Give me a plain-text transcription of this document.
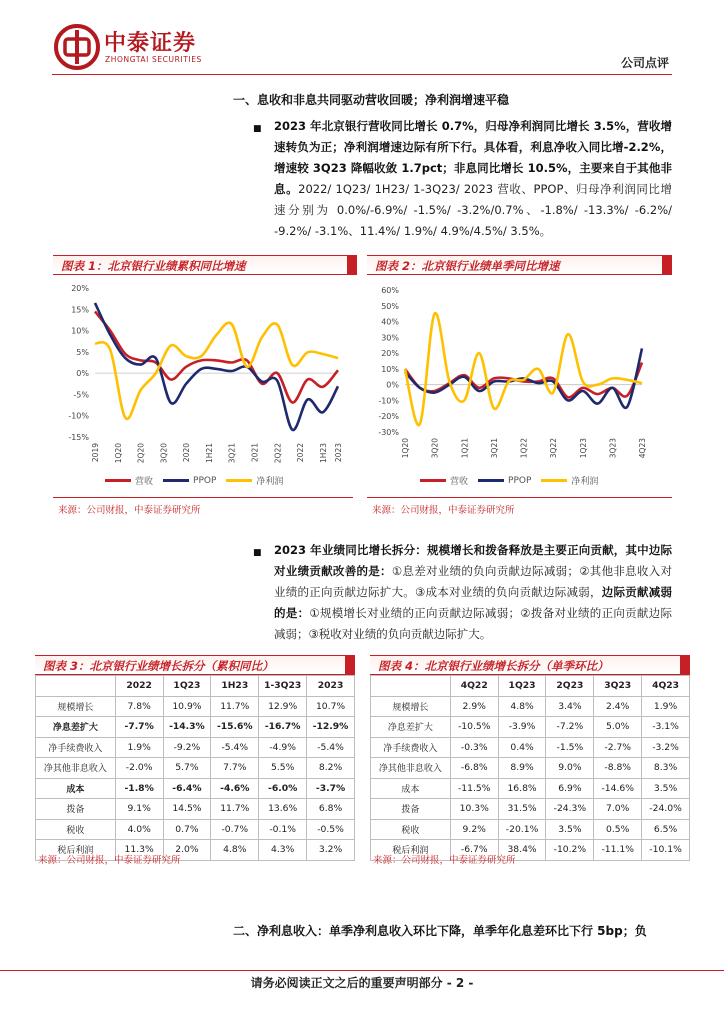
中泰证券
ZHONGTAI SECURITIES	公司点评
一、息收和非息共同驱动营收回暖；净利润增速平稳
■ 2023 年北京银行营收同比增长 0.7%，归母净利润同比增长 3.5%，营收增速转负为正；净利润增速边际有所下行。具体看，利息净收入同比增-2.2%，增速较 3Q23 降幅收敛 1.7pct；非息同比增长 10.5%，主要来自于其他非息。2022/ 1Q23/ 1H23/ 1-3Q23/ 2023 营收、PPOP、归母净利润同比增速分别为 0.0%/-6.9%/ -1.5%/ -3.2%/0.7%、-1.8%/ -13.3%/ -6.2%/ -9.2%/ -3.1%、11.4%/ 1.9%/ 4.9%/4.5%/ 3.5%。
图表 1：北京银行业绩累积同比增速
20%
15%
10%
5%
0%
-5%
-10%
-15%
2019 1Q20 2Q20 3Q20 2020 1H21 3Q21 2021 2Q22 2022 1H23 2023
营收	PPOP	净利润
来源：公司财报，中泰证券研究所
图表 2：北京银行业绩单季同比增速
60%
50%
40%
30%
20%
10%
0%
-10%
-20%
-30%
1Q20	3Q20	1Q21	3Q21	1Q22	3Q22	1Q23	3Q23	4Q23
营收	PPOP	净利润
来源：公司财报，中泰证券研究所
■ 2023 年业绩同比增长拆分：规模增长和拨备释放是主要正向贡献，其中边际对业绩贡献改善的是：①息差对业绩的负向贡献边际减弱；②其他非息收入对业绩的正向贡献边际扩大。③成本对业绩的负向贡献边际减弱，边际贡献减弱的是：①规模增长对业绩的正向贡献边际减弱；②拨备对业绩的正向贡献边际减弱；③税收对业绩的负向贡献边际扩大。
图表 3：北京银行业绩增长拆分（累积同比）
	2022	1Q23	1H23	1-3Q23	2023
规模增长	7.8%	10.9%	11.7%	12.9%	10.7%
净息差扩大	-7.7%	-14.3%	-15.6%	-16.7%	-12.9%
净手续费收入	1.9%	-9.2%	-5.4%	-4.9%	-5.4%
净其他非息收入	-2.0%	5.7%	7.7%	5.5%	8.2%
成本	-1.8%	-6.4%	-4.6%	-6.0%	-3.7%
拨备	9.1%	14.5%	11.7%	13.6%	6.8%
税收	4.0%	0.7%	-0.7%	-0.1%	-0.5%
税后利润	11.3%	2.0%	4.8%	4.3%	3.2%
来源：公司财报，中泰证券研究所
图表 4：北京银行业绩增长拆分（单季环比）
	4Q22	1Q23	2Q23	3Q23	4Q23
规模增长	2.9%	4.8%	3.4%	2.4%	1.9%
净息差扩大	-10.5%	-3.9%	-7.2%	5.0%	-3.1%
净手续费收入	-0.3%	0.4%	-1.5%	-2.7%	-3.2%
净其他非息收入	-6.8%	8.9%	9.0%	-8.8%	8.3%
成本	-11.5%	16.8%	6.9%	-14.6%	3.5%
拨备	10.3%	31.5%	-24.3%	7.0%	-24.0%
税收	9.2%	-20.1%	3.5%	0.5%	6.5%
税后利润	-6.7%	38.4%	-10.2%	-11.1%	-10.1%
来源：公司财报，中泰证券研究所
二、净利息收入：单季净利息收入环比下降，单季年化息差环比下行 5bp；负
请务必阅读正文之后的重要声明部分 - 2 -
